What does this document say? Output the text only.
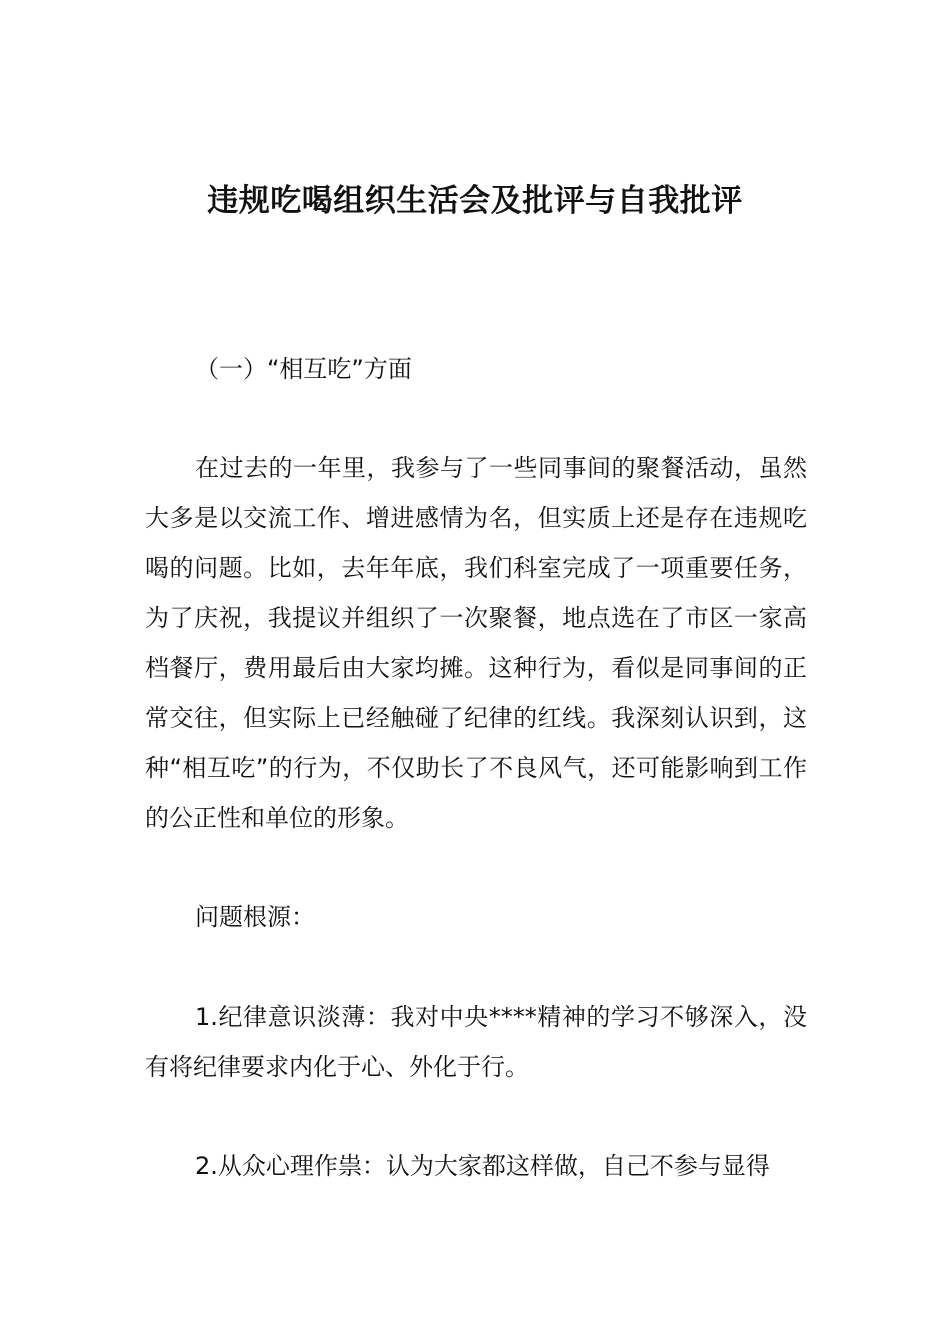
违规吃喝组织生活会及批评与自我批评

（一）“相互吃”方面

在过去的一年里，我参与了一些同事间的聚餐活动，虽然大多是以交流工作、增进感情为名，但实质上还是存在违规吃喝的问题。比如，去年年底，我们科室完成了一项重要任务，为了庆祝，我提议并组织了一次聚餐，地点选在了市区一家高档餐厅，费用最后由大家均摊。这种行为，看似是同事间的正常交往，但实际上已经触碰了纪律的红线。我深刻认识到，这种“相互吃”的行为，不仅助长了不良风气，还可能影响到工作的公正性和单位的形象。

问题根源：

1.纪律意识淡薄：我对中央****精神的学习不够深入，没有将纪律要求内化于心、外化于行。

2.从众心理作祟：认为大家都这样做，自己不参与显得
